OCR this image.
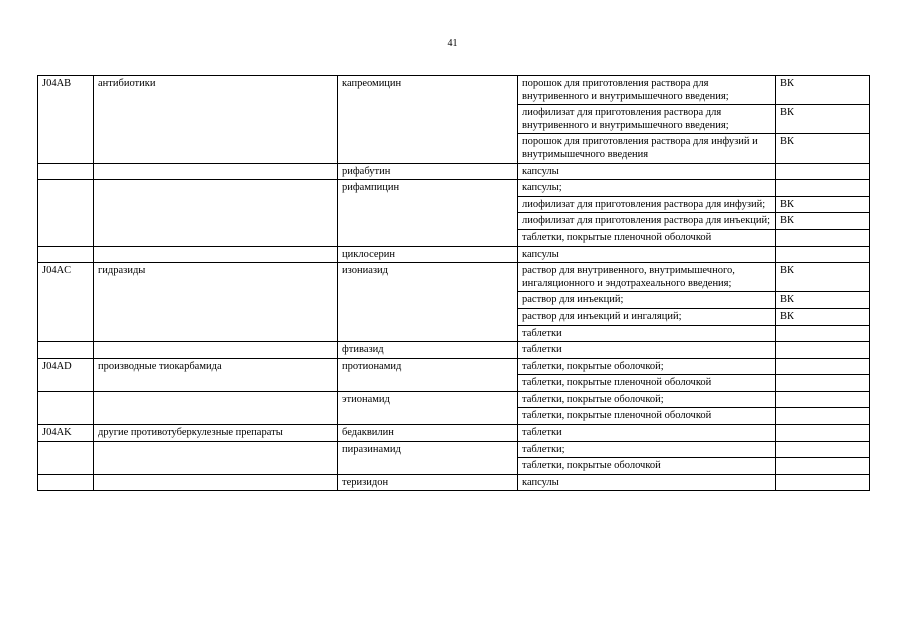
41
J04AB	антибиотики	капреомицин	порошок для приготовления раствора для внутривенного и внутримышечного введения;	ВК
			лиофилизат для приготовления раствора для внутривенного и внутримышечного введения;	ВК
			порошок для приготовления раствора для инфузий и внутримышечного введения	ВК
		рифабутин	капсулы	
		рифампицин	капсулы;	
			лиофилизат для приготовления раствора для инфузий;	ВК
			лиофилизат для приготовления раствора для инъекций;	ВК
			таблетки, покрытые пленочной оболочкой	
		циклосерин	капсулы	
J04AC	гидразиды	изониазид	раствор для внутривенного, внутримышечного, ингаляционного и эндотрахеального введения;	ВК
			раствор для инъекций;	ВК
			раствор для инъекций и ингаляций;	ВК
			таблетки	
		фтивазид	таблетки	
J04AD	производные тиокарбамида	протионамид	таблетки, покрытые оболочкой;	
			таблетки, покрытые пленочной оболочкой	
		этионамид	таблетки, покрытые оболочкой;	
			таблетки, покрытые пленочной оболочкой	
J04AK	другие противотуберкулезные препараты	бедаквилин	таблетки	
		пиразинамид	таблетки;	
			таблетки, покрытые оболочкой	
		теризидон	капсулы	
